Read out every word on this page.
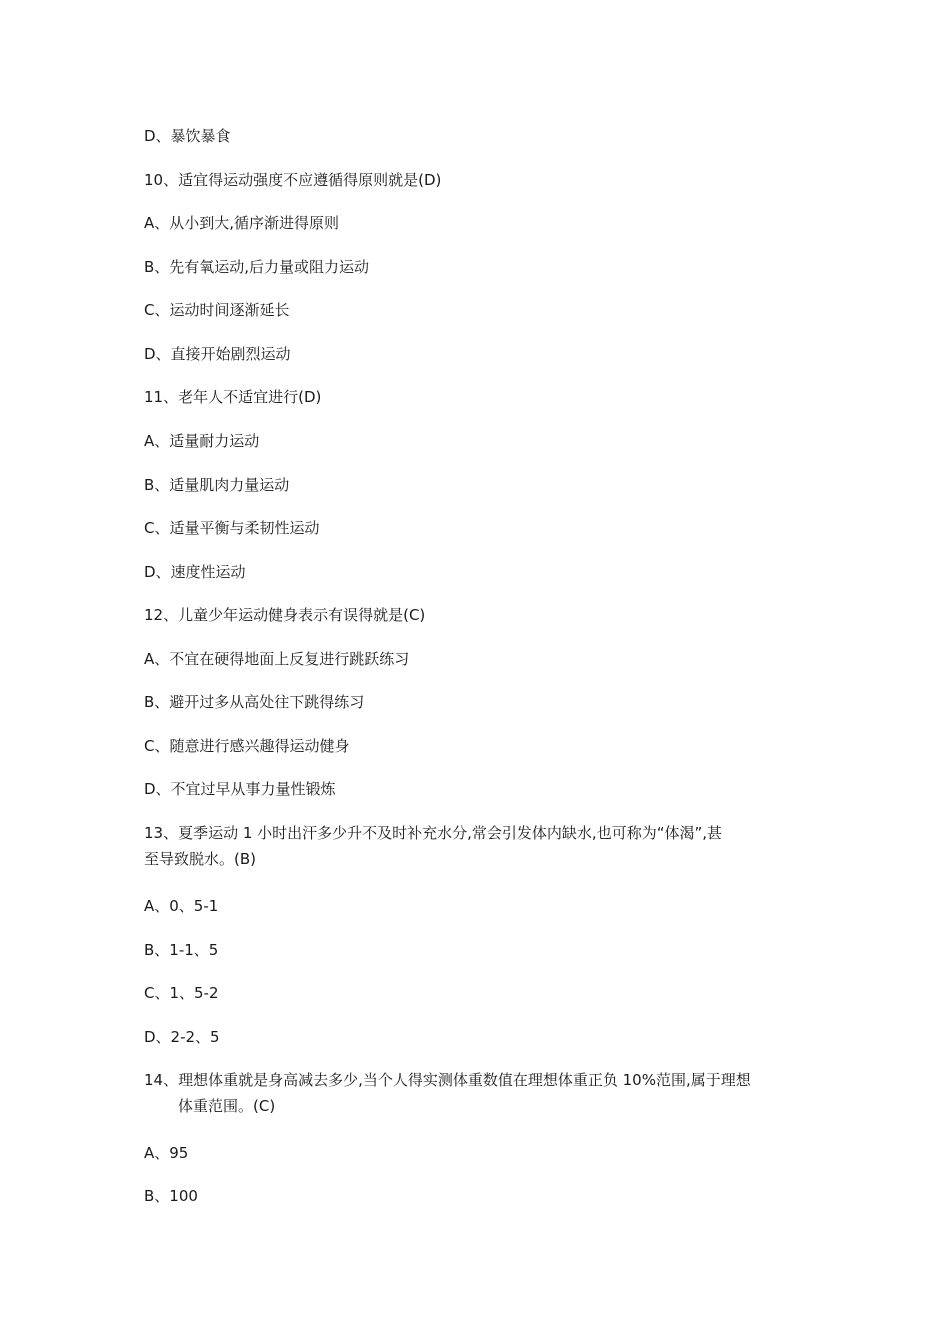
D、暴饮暴食
10、适宜得运动强度不应遵循得原则就是(D)
A、从小到大,循序渐进得原则
B、先有氧运动,后力量或阻力运动
C、运动时间逐渐延长
D、直接开始剧烈运动
11、老年人不适宜进行(D)
A、适量耐力运动
B、适量肌肉力量运动
C、适量平衡与柔韧性运动
D、速度性运动
12、儿童少年运动健身表示有误得就是(C)
A、不宜在硬得地面上反复进行跳跃练习
B、避开过多从高处往下跳得练习
C、随意进行感兴趣得运动健身
D、不宜过早从事力量性锻炼
13、夏季运动 1 小时出汗多少升不及时补充水分,常会引发体内缺水,也可称为“体渴”,甚
至导致脱水。(B)
A、0、5-1
B、1-1、5
C、1、5-2
D、2-2、5
14、理想体重就是身高减去多少,当个人得实测体重数值在理想体重正负 10%范围,属于理想
体重范围。(C)
A、95
B、100
